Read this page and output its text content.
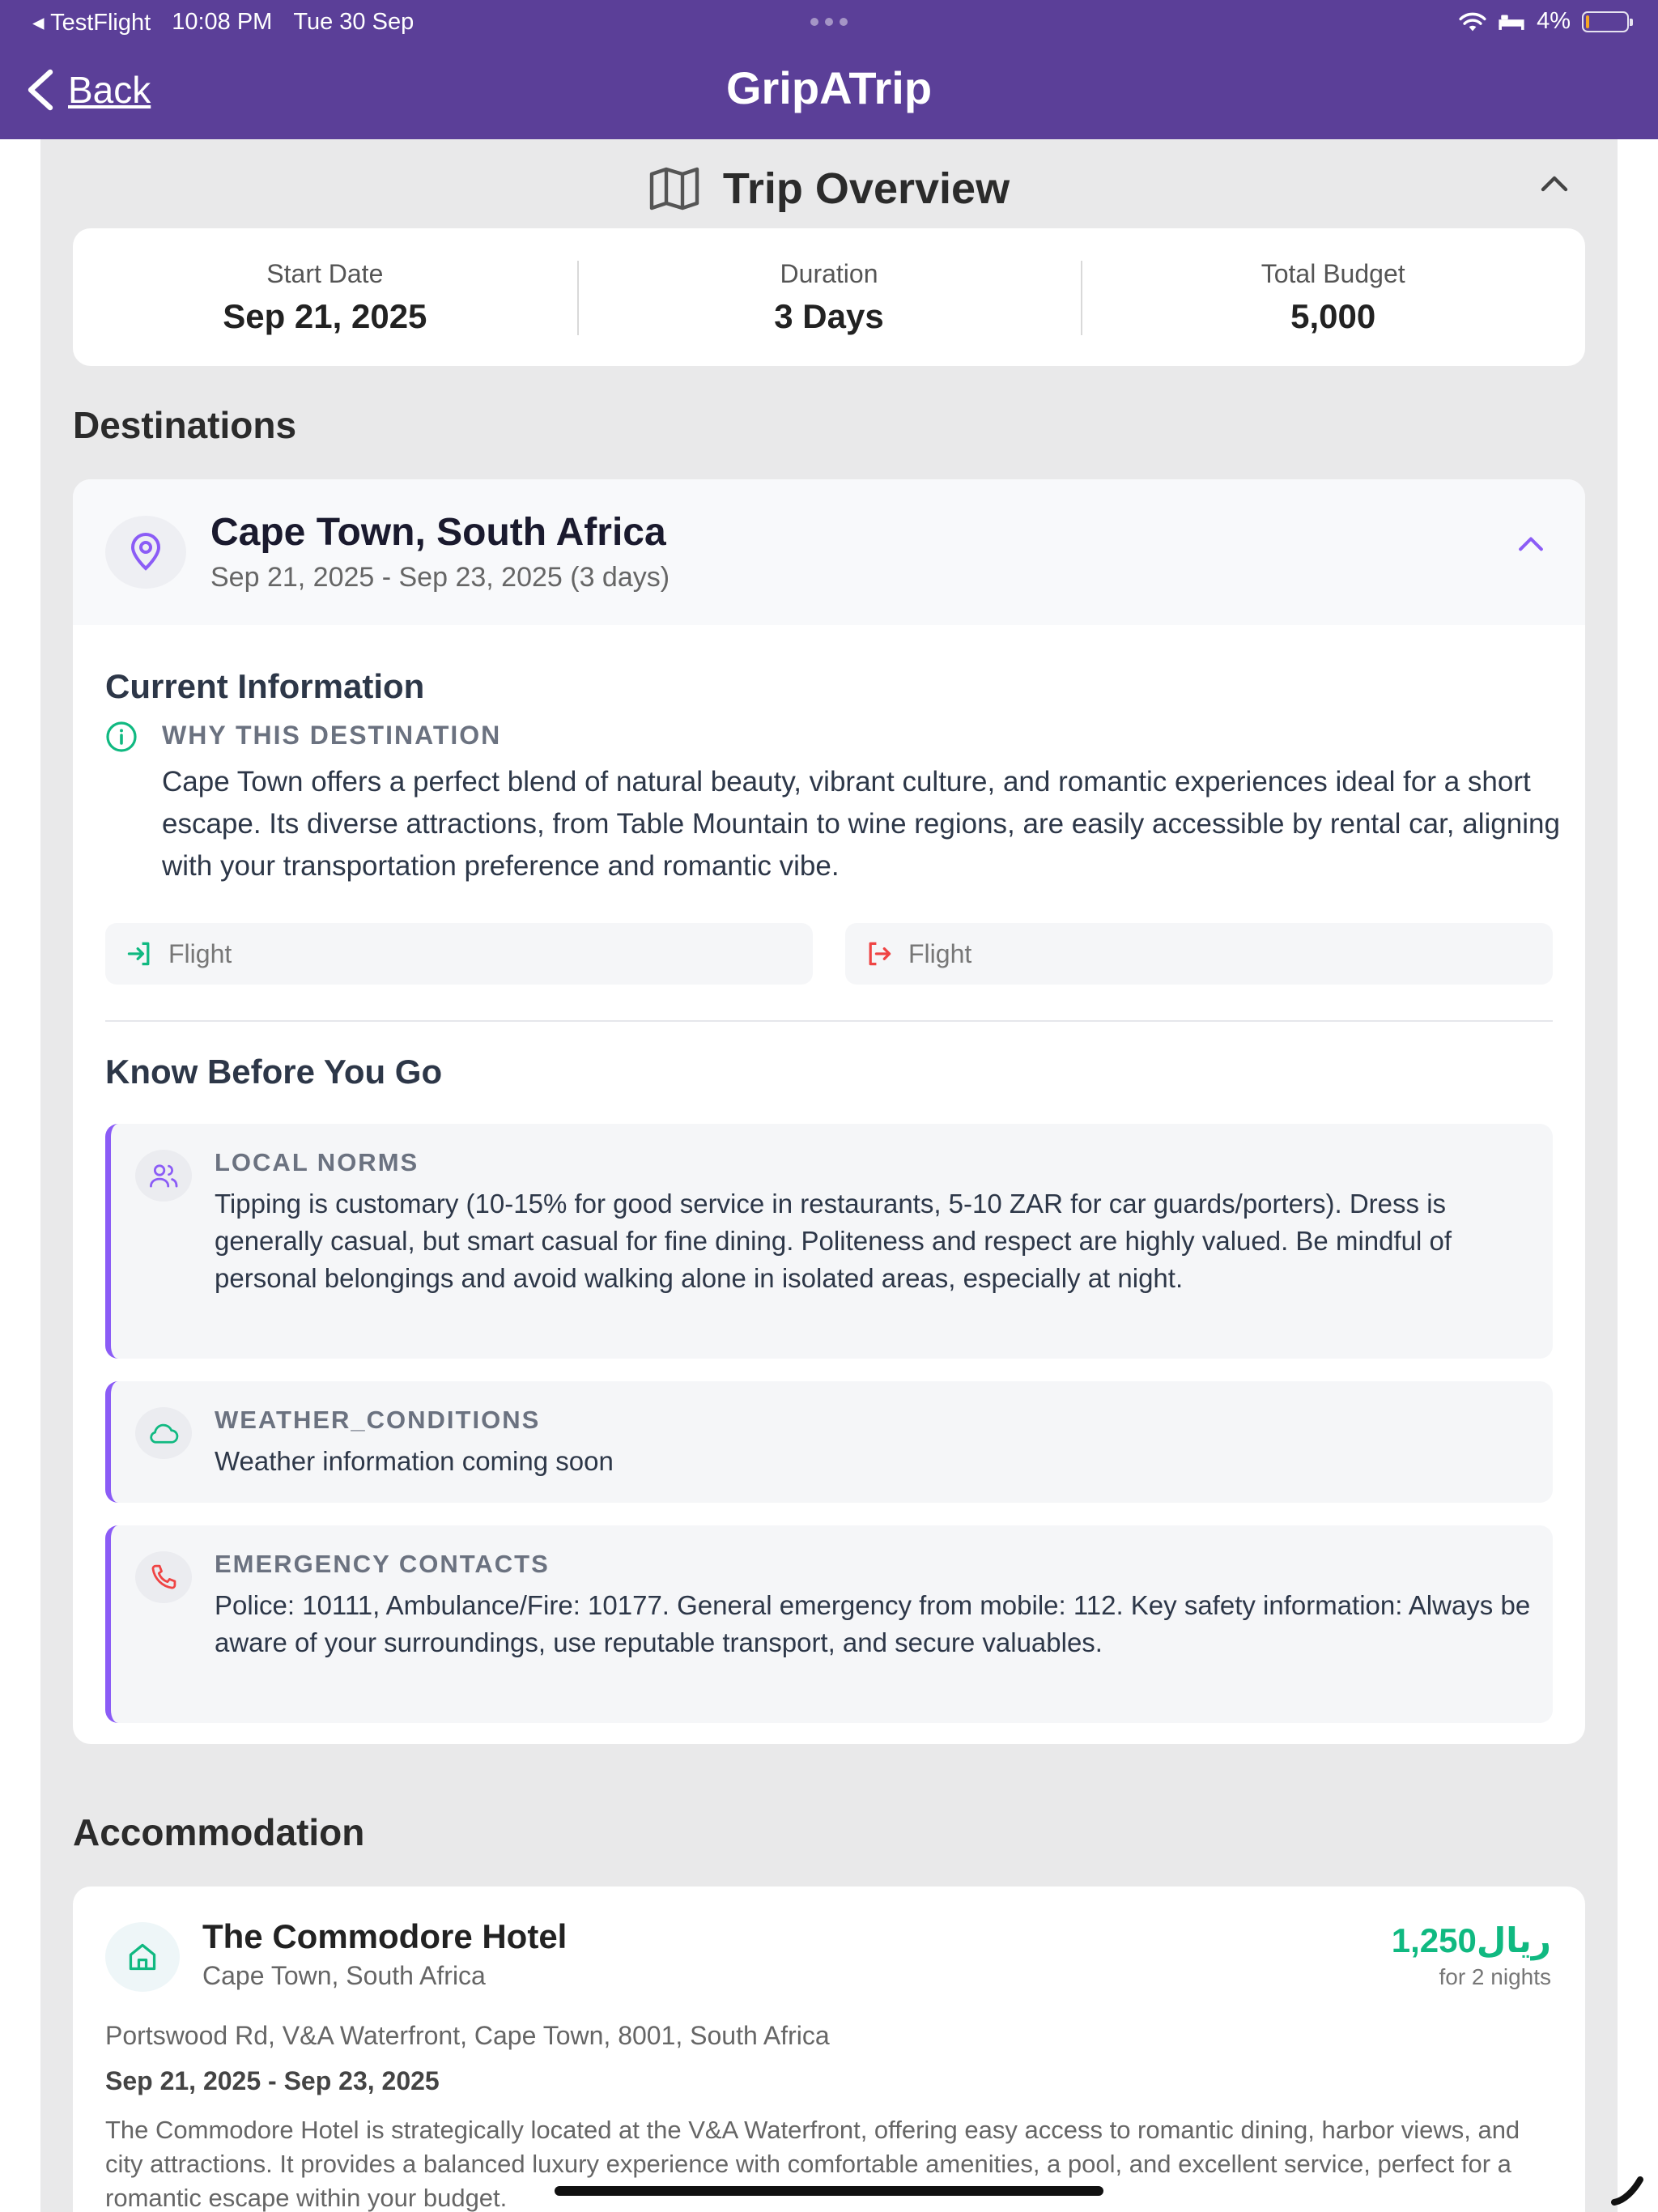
◂ TestFlight 10:08 PM Tue 30 Sep	4%
Back	GripATrip
Trip Overview
Start Date
Sep 21, 2025
Duration
3 Days
Total Budget
5,000
Destinations
Cape Town, South Africa
Sep 21, 2025 - Sep 23, 2025 (3 days)
Current Information
WHY THIS DESTINATION
Cape Town offers a perfect blend of natural beauty, vibrant culture, and romantic experiences ideal for a short escape. Its diverse attractions, from Table Mountain to wine regions, are easily accessible by rental car, aligning with your transportation preference and romantic vibe.
Flight	Flight
Know Before You Go
LOCAL NORMS
Tipping is customary (10-15% for good service in restaurants, 5-10 ZAR for car guards/porters). Dress is generally casual, but smart casual for fine dining. Politeness and respect are highly valued. Be mindful of personal belongings and avoid walking alone in isolated areas, especially at night.
WEATHER_CONDITIONS
Weather information coming soon
EMERGENCY CONTACTS
Police: 10111, Ambulance/Fire: 10177. General emergency from mobile: 112. Key safety information: Always be aware of your surroundings, use reputable transport, and secure valuables.
Accommodation
The Commodore Hotel
Cape Town, South Africa
1,250ريال
for 2 nights
Portswood Rd, V&A Waterfront, Cape Town, 8001, South Africa
Sep 21, 2025 - Sep 23, 2025
The Commodore Hotel is strategically located at the V&A Waterfront, offering easy access to romantic dining, harbor views, and city attractions. It provides a balanced luxury experience with comfortable amenities, a pool, and excellent service, perfect for a romantic escape within your budget.
